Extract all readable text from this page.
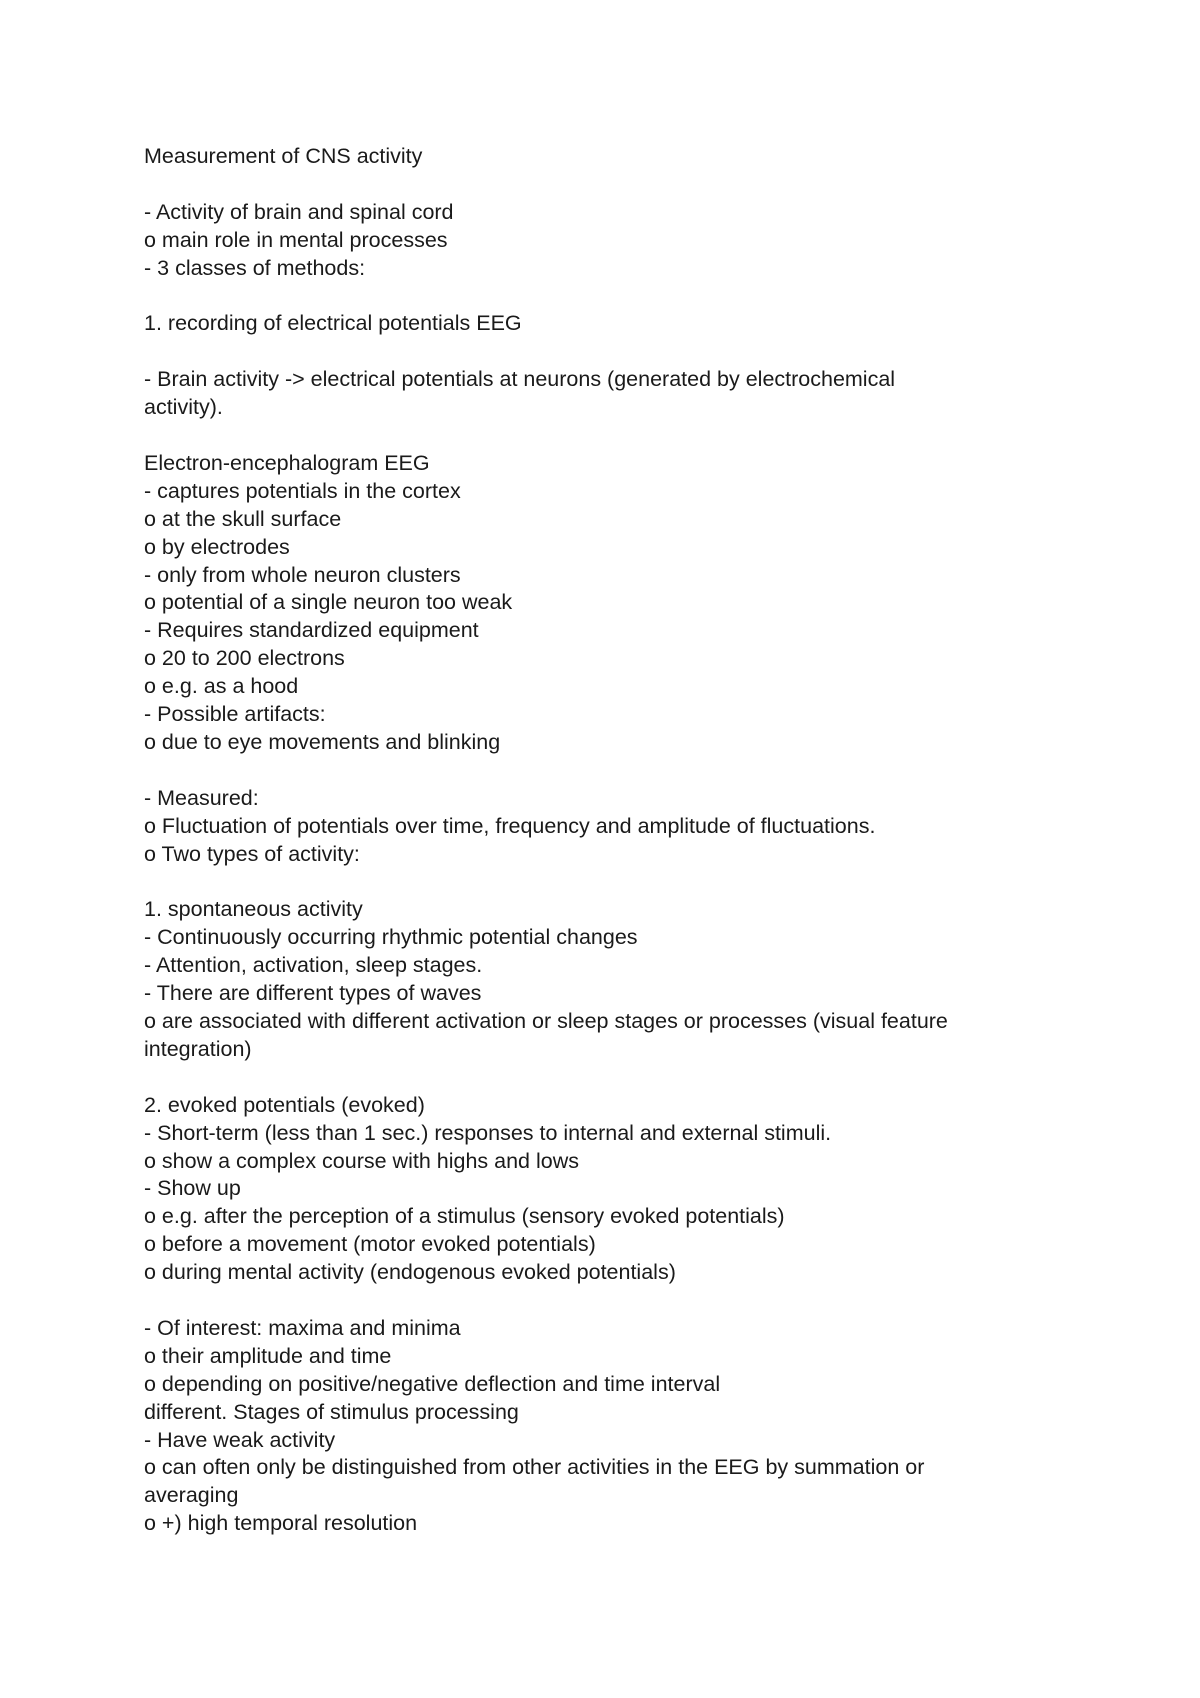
Measurement of CNS activity

- Activity of brain and spinal cord

o main role in mental processes

- 3 classes of methods:

1. recording of electrical potentials EEG

- Brain activity -> electrical potentials at neurons (generated by electrochemical

activity).

Electron-encephalogram EEG

- captures potentials in the cortex

o at the skull surface

o by electrodes

- only from whole neuron clusters

o potential of a single neuron too weak

- Requires standardized equipment

o 20 to 200 electrons

o e.g. as a hood

- Possible artifacts:

o due to eye movements and blinking

- Measured:

o Fluctuation of potentials over time, frequency and amplitude of fluctuations.

o Two types of activity:

1. spontaneous activity

- Continuously occurring rhythmic potential changes

- Attention, activation, sleep stages.

- There are different types of waves

o are associated with different activation or sleep stages or processes (visual feature

integration)

2. evoked potentials (evoked)

- Short-term (less than 1 sec.) responses to internal and external stimuli.

o show a complex course with highs and lows

- Show up

o e.g. after the perception of a stimulus (sensory evoked potentials)

o before a movement (motor evoked potentials)

o during mental activity (endogenous evoked potentials)

- Of interest: maxima and minima

o their amplitude and time

o depending on positive/negative deflection and time interval

different. Stages of stimulus processing

- Have weak activity

o can often only be distinguished from other activities in the EEG by summation or

averaging

o +) high temporal resolution
